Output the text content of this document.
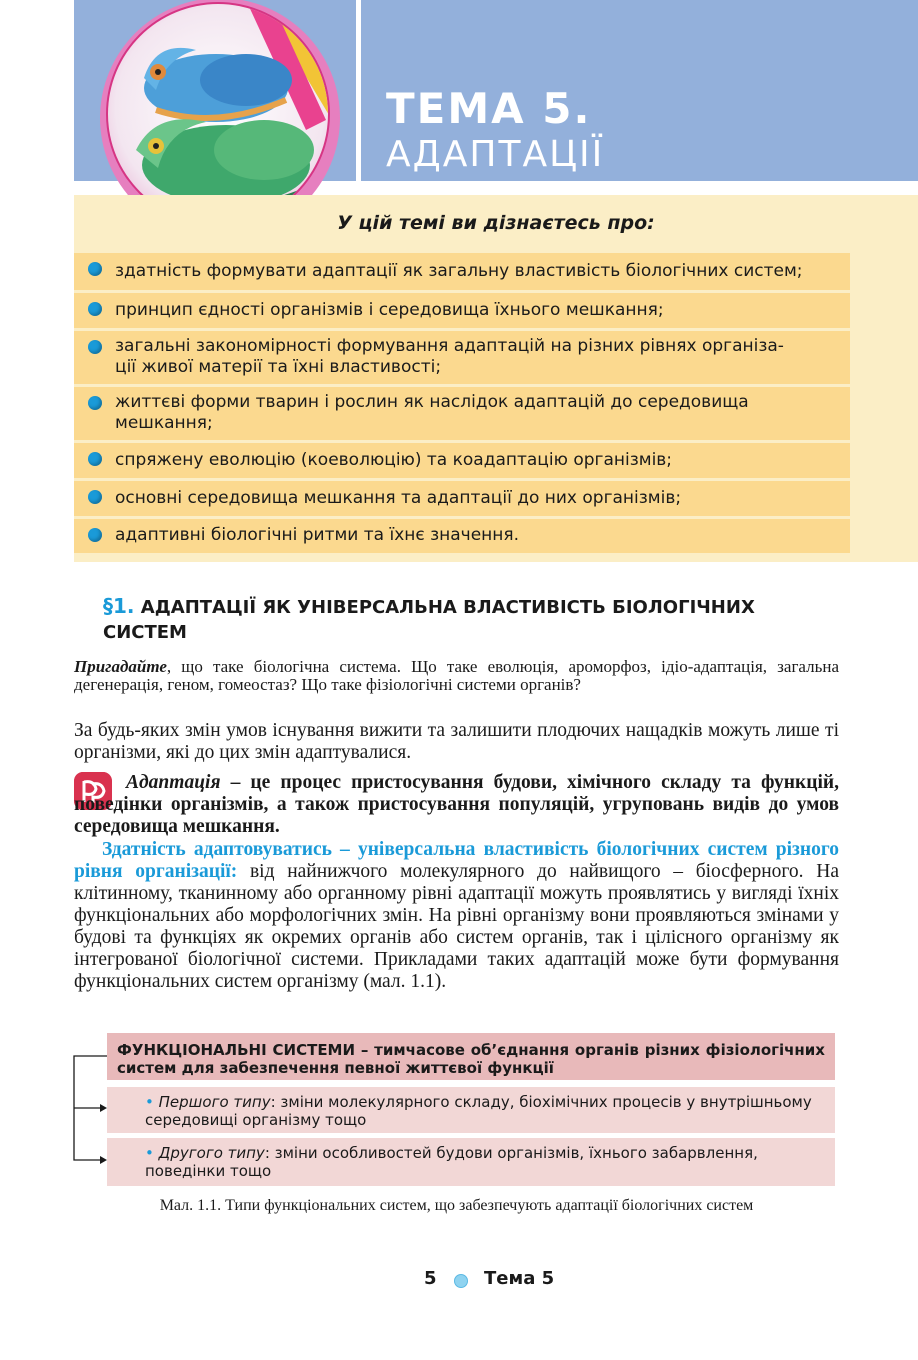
ТЕМА 5.
АДАПТАЦІЇ
У цій темі ви дізнаєтесь про:
здатність формувати адаптації як загальну властивість біологічних систем;
принцип єдності організмів і середовища їхнього мешкання;
загальні закономірності формування адаптацій на різних рівнях організа-
ції живої матерії та їхні властивості;
життєві форми тварин і рослин як наслідок адаптацій до середовища
мешкання;
спряжену еволюцію (коеволюцію) та коадаптацію організмів;
основні середовища мешкання та адаптації до них організмів;
адаптивні біологічні ритми та їхнє значення.
§1. АДАПТАЦІЇ ЯК УНІВЕРСАЛЬНА ВЛАСТИВІСТЬ БІОЛОГІЧНИХ
СИСТЕМ
Пригадайте, що таке біологічна система. Що таке еволюція, ароморфоз, ідіо-адаптація, загальна дегенерація, геном, гомеостаз? Що таке фізіологічні системи органів?
За будь-яких змін умов існування вижити та залишити плодючих нащадків можуть лише ті організми, які до цих змін адаптувалися.
Адаптація – це процес пристосування будови, хімічного складу та функцій, поведінки організмів, а також пристосування популяцій, угруповань видів до умов середовища мешкання.
Здатність адаптовуватись – універсальна властивість біологічних систем різного рівня організації: від найнижчого молекулярного до найвищого – біосферного. На клітинному, тканинному або органному рівні адаптації можуть проявлятись у вигляді їхніх функціональних або морфологічних змін. На рівні організму вони проявляються змінами у будові та функціях як окремих органів або систем органів, так і цілісного організму як інтегрованої біологічної системи. Прикладами таких адаптацій може бути формування функціональних систем організму (мал. 1.1).
ФУНКЦІОНАЛЬНІ СИСТЕМИ – тимчасове об’єднання органів різних фізіологічних систем для забезпечення певної життєвої функції
• Першого типу: зміни молекулярного складу, біохімічних процесів у внутрішньому середовищі організму тощо
• Другого типу: зміни особливостей будови організмів, їхнього забарвлення, поведінки тощо
Мал. 1.1. Типи функціональних систем, що забезпечують адаптації біологічних систем
5	Тема 5
